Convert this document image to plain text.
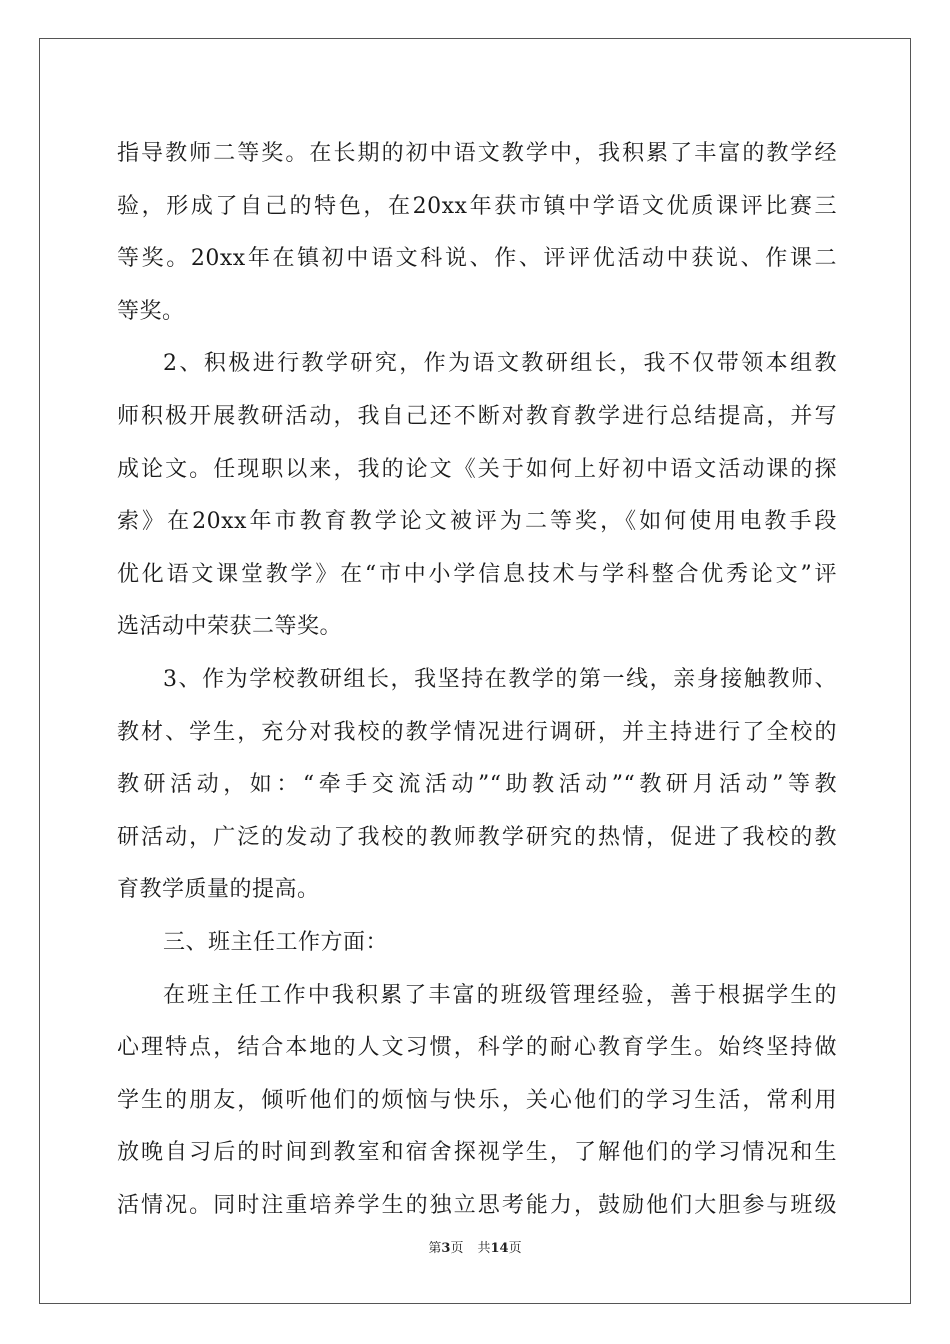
指导教师二等奖。在长期的初中语文教学中，我积累了丰富的教学经
验，形成了自己的特色，在20xx年获市镇中学语文优质课评比赛三
等奖。20xx年在镇初中语文科说、作、评评优活动中获说、作课二
等奖。
2、积极进行教学研究，作为语文教研组长，我不仅带领本组教
师积极开展教研活动，我自己还不断对教育教学进行总结提高，并写
成论文。任现职以来，我的论文《关于如何上好初中语文活动课的探
索》在20xx年市教育教学论文被评为二等奖，《如何使用电教手段
优化语文课堂教学》在“市中小学信息技术与学科整合优秀论文”评
选活动中荣获二等奖。
3、作为学校教研组长，我坚持在教学的第一线，亲身接触教师、
教材、学生，充分对我校的教学情况进行调研，并主持进行了全校的
教研活动，如：“牵手交流活动”“助教活动”“教研月活动”等教
研活动，广泛的发动了我校的教师教学研究的热情，促进了我校的教
育教学质量的提高。
三、班主任工作方面：
在班主任工作中我积累了丰富的班级管理经验，善于根据学生的
心理特点，结合本地的人文习惯，科学的耐心教育学生。始终坚持做
学生的朋友，倾听他们的烦恼与快乐，关心他们的学习生活，常利用
放晚自习后的时间到教室和宿舍探视学生，了解他们的学习情况和生
活情况。同时注重培养学生的独立思考能力，鼓励他们大胆参与班级
第3页 共14页
